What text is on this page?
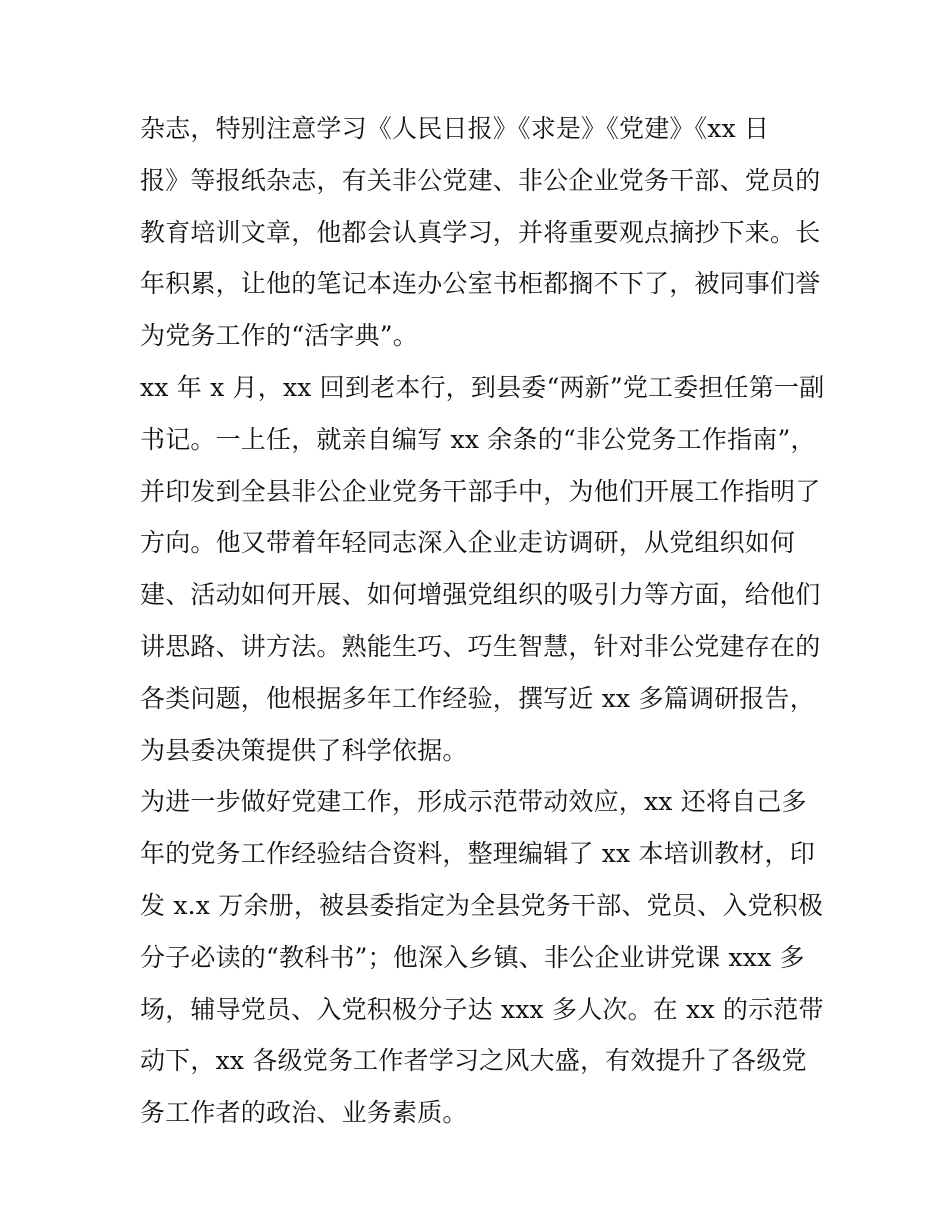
杂志，特别注意学习《人民日报》《求是》《党建》《xx 日
报》等报纸杂志，有关非公党建、非公企业党务干部、党员的
教育培训文章，他都会认真学习，并将重要观点摘抄下来。长
年积累，让他的笔记本连办公室书柜都搁不下了，被同事们誉
为党务工作的“活字典”。
xx 年 x 月，xx 回到老本行，到县委“两新”党工委担任第一副
书记。一上任，就亲自编写 xx 余条的“非公党务工作指南”，
并印发到全县非公企业党务干部手中，为他们开展工作指明了
方向。他又带着年轻同志深入企业走访调研，从党组织如何
建、活动如何开展、如何增强党组织的吸引力等方面，给他们
讲思路、讲方法。熟能生巧、巧生智慧，针对非公党建存在的
各类问题，他根据多年工作经验，撰写近 xx 多篇调研报告，
为县委决策提供了科学依据。
为进一步做好党建工作，形成示范带动效应，xx 还将自己多
年的党务工作经验结合资料，整理编辑了 xx 本培训教材，印
发 x.x 万余册，被县委指定为全县党务干部、党员、入党积极
分子必读的“教科书”；他深入乡镇、非公企业讲党课 xxx 多
场，辅导党员、入党积极分子达 xxx 多人次。在 xx 的示范带
动下，xx 各级党务工作者学习之风大盛，有效提升了各级党
务工作者的政治、业务素质。
